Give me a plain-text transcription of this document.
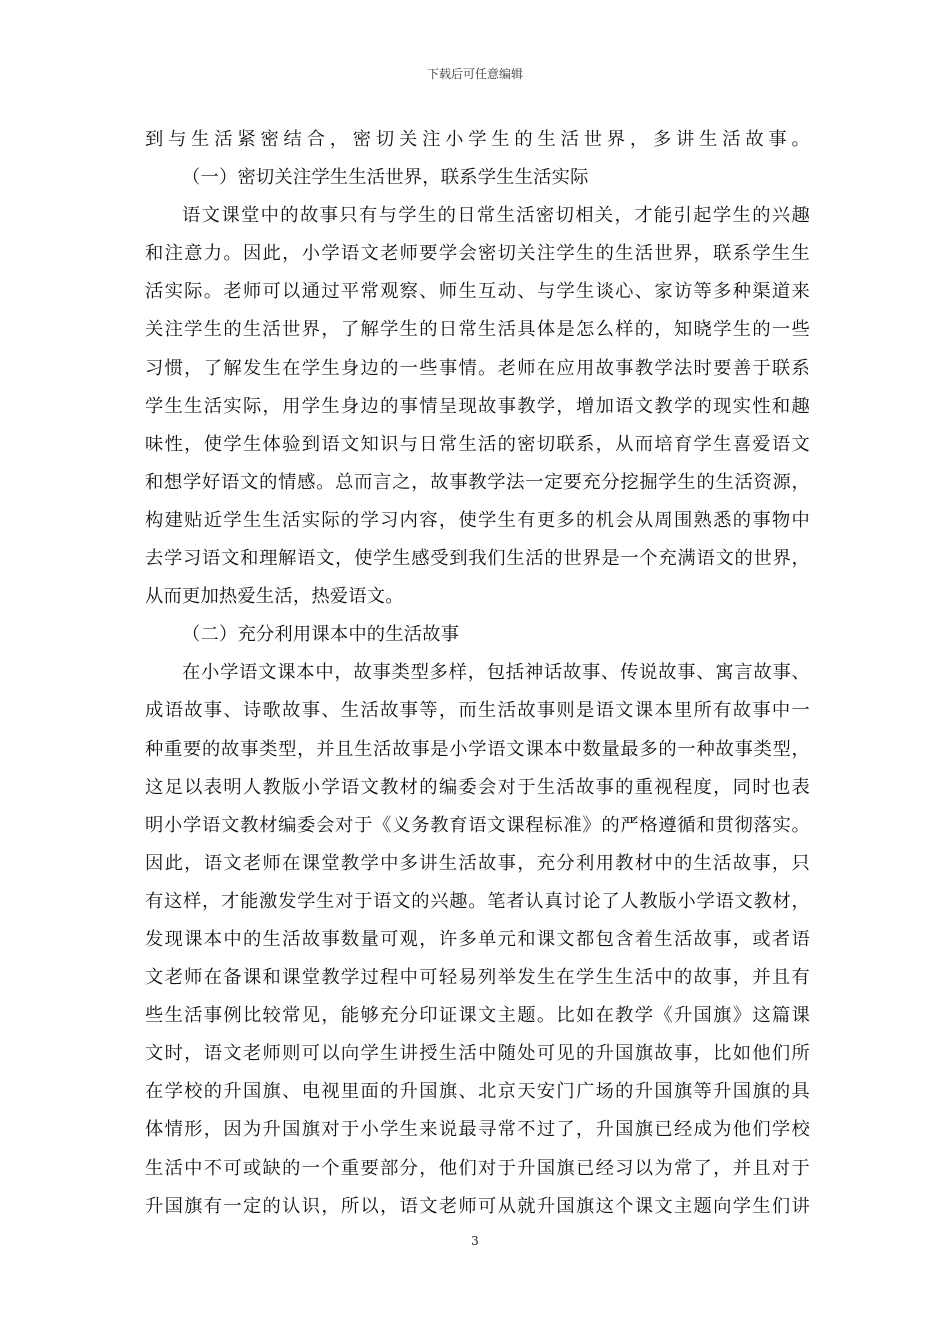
下载后可任意编辑
到与生活紧密结合，密切关注小学生的生活世界，多讲生活故事。
（一）密切关注学生生活世界，联系学生生活实际
语文课堂中的故事只有与学生的日常生活密切相关，才能引起学生的兴趣
和注意力。因此，小学语文老师要学会密切关注学生的生活世界，联系学生生
活实际。老师可以通过平常观察、师生互动、与学生谈心、家访等多种渠道来
关注学生的生活世界，了解学生的日常生活具体是怎么样的，知晓学生的一些
习惯，了解发生在学生身边的一些事情。老师在应用故事教学法时要善于联系
学生生活实际，用学生身边的事情呈现故事教学，增加语文教学的现实性和趣
味性，使学生体验到语文知识与日常生活的密切联系，从而培育学生喜爱语文
和想学好语文的情感。总而言之，故事教学法一定要充分挖掘学生的生活资源，
构建贴近学生生活实际的学习内容，使学生有更多的机会从周围熟悉的事物中
去学习语文和理解语文，使学生感受到我们生活的世界是一个充满语文的世界，
从而更加热爱生活，热爱语文。
（二）充分利用课本中的生活故事
在小学语文课本中，故事类型多样，包括神话故事、传说故事、寓言故事、
成语故事、诗歌故事、生活故事等，而生活故事则是语文课本里所有故事中一
种重要的故事类型，并且生活故事是小学语文课本中数量最多的一种故事类型，
这足以表明人教版小学语文教材的编委会对于生活故事的重视程度，同时也表
明小学语文教材编委会对于《义务教育语文课程标准》的严格遵循和贯彻落实。
因此，语文老师在课堂教学中多讲生活故事，充分利用教材中的生活故事，只
有这样，才能激发学生对于语文的兴趣。笔者认真讨论了人教版小学语文教材，
发现课本中的生活故事数量可观，许多单元和课文都包含着生活故事，或者语
文老师在备课和课堂教学过程中可轻易列举发生在学生生活中的故事，并且有
些生活事例比较常见，能够充分印证课文主题。比如在教学《升国旗》这篇课
文时，语文老师则可以向学生讲授生活中随处可见的升国旗故事，比如他们所
在学校的升国旗、电视里面的升国旗、北京天安门广场的升国旗等升国旗的具
体情形，因为升国旗对于小学生来说最寻常不过了，升国旗已经成为他们学校
生活中不可或缺的一个重要部分，他们对于升国旗已经习以为常了，并且对于
升国旗有一定的认识，所以，语文老师可从就升国旗这个课文主题向学生们讲
3
